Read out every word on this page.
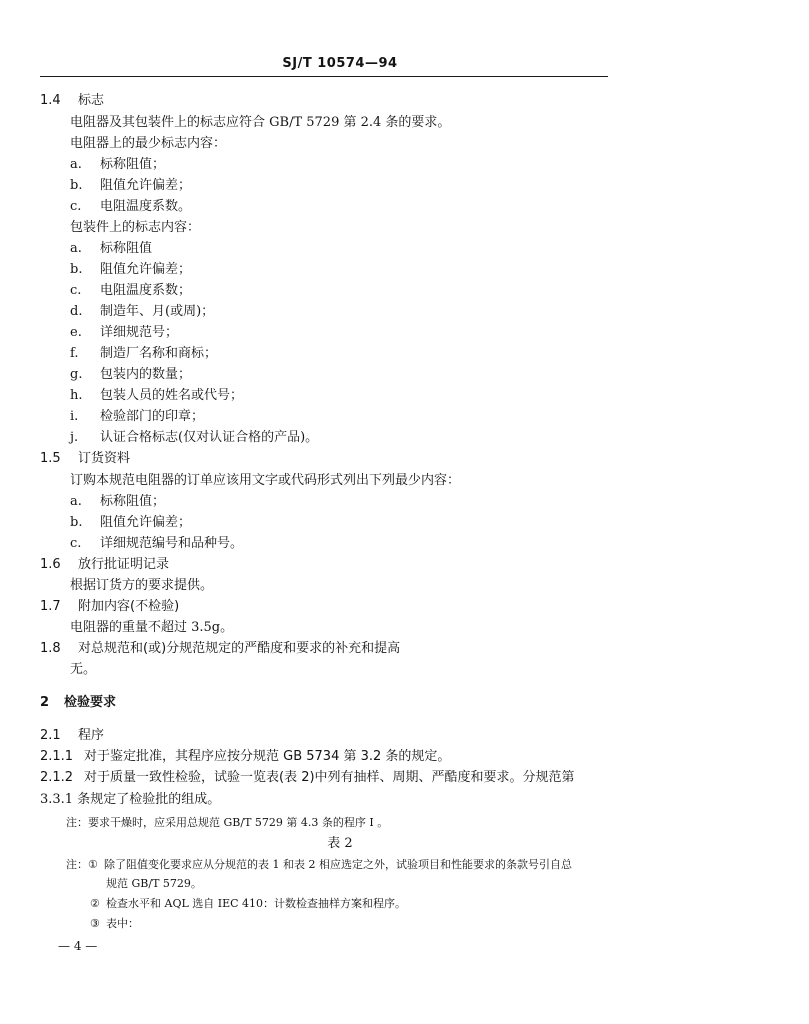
SJ/T 10574—94
1.4 标志
电阻器及其包装件上的标志应符合 GB/T 5729 第 2.4 条的要求。
电阻器上的最少标志内容：
a. 标称阻值；
b. 阻值允许偏差；
c. 电阻温度系数。
包装件上的标志内容：
a. 标称阻值
b. 阻值允许偏差；
c. 电阻温度系数；
d. 制造年、月(或周)；
e. 详细规范号；
f. 制造厂名称和商标；
g. 包装内的数量；
h. 包装人员的姓名或代号；
i. 检验部门的印章；
j. 认证合格标志(仅对认证合格的产品)。
1.5 订货资料
订购本规范电阻器的订单应该用文字或代码形式列出下列最少内容：
a. 标称阻值；
b. 阻值允许偏差；
c. 详细规范编号和品种号。
1.6 放行批证明记录
根据订货方的要求提供。
1.7 附加内容(不检验)
电阻器的重量不超过 3.5g。
1.8 对总规范和(或)分规范规定的严酷度和要求的补充和提高
无。
2 检验要求
2.1 程序
2.1.1 对于鉴定批准，其程序应按分规范 GB 5734 第 3.2 条的规定。
2.1.2 对于质量一致性检验，试验一览表(表 2)中列有抽样、周期、严酷度和要求。分规范第
3.3.1 条规定了检验批的组成。
注：要求干燥时，应采用总规范 GB/T 5729 第 4.3 条的程序 I 。
表 2
注：① 除了阻值变化要求应从分规范的表 1 和表 2 相应选定之外，试验项目和性能要求的条款号引自总
规范 GB/T 5729。
② 检查水平和 AQL 选自 IEC 410：计数检查抽样方案和程序。
③ 表中：
— 4 —
